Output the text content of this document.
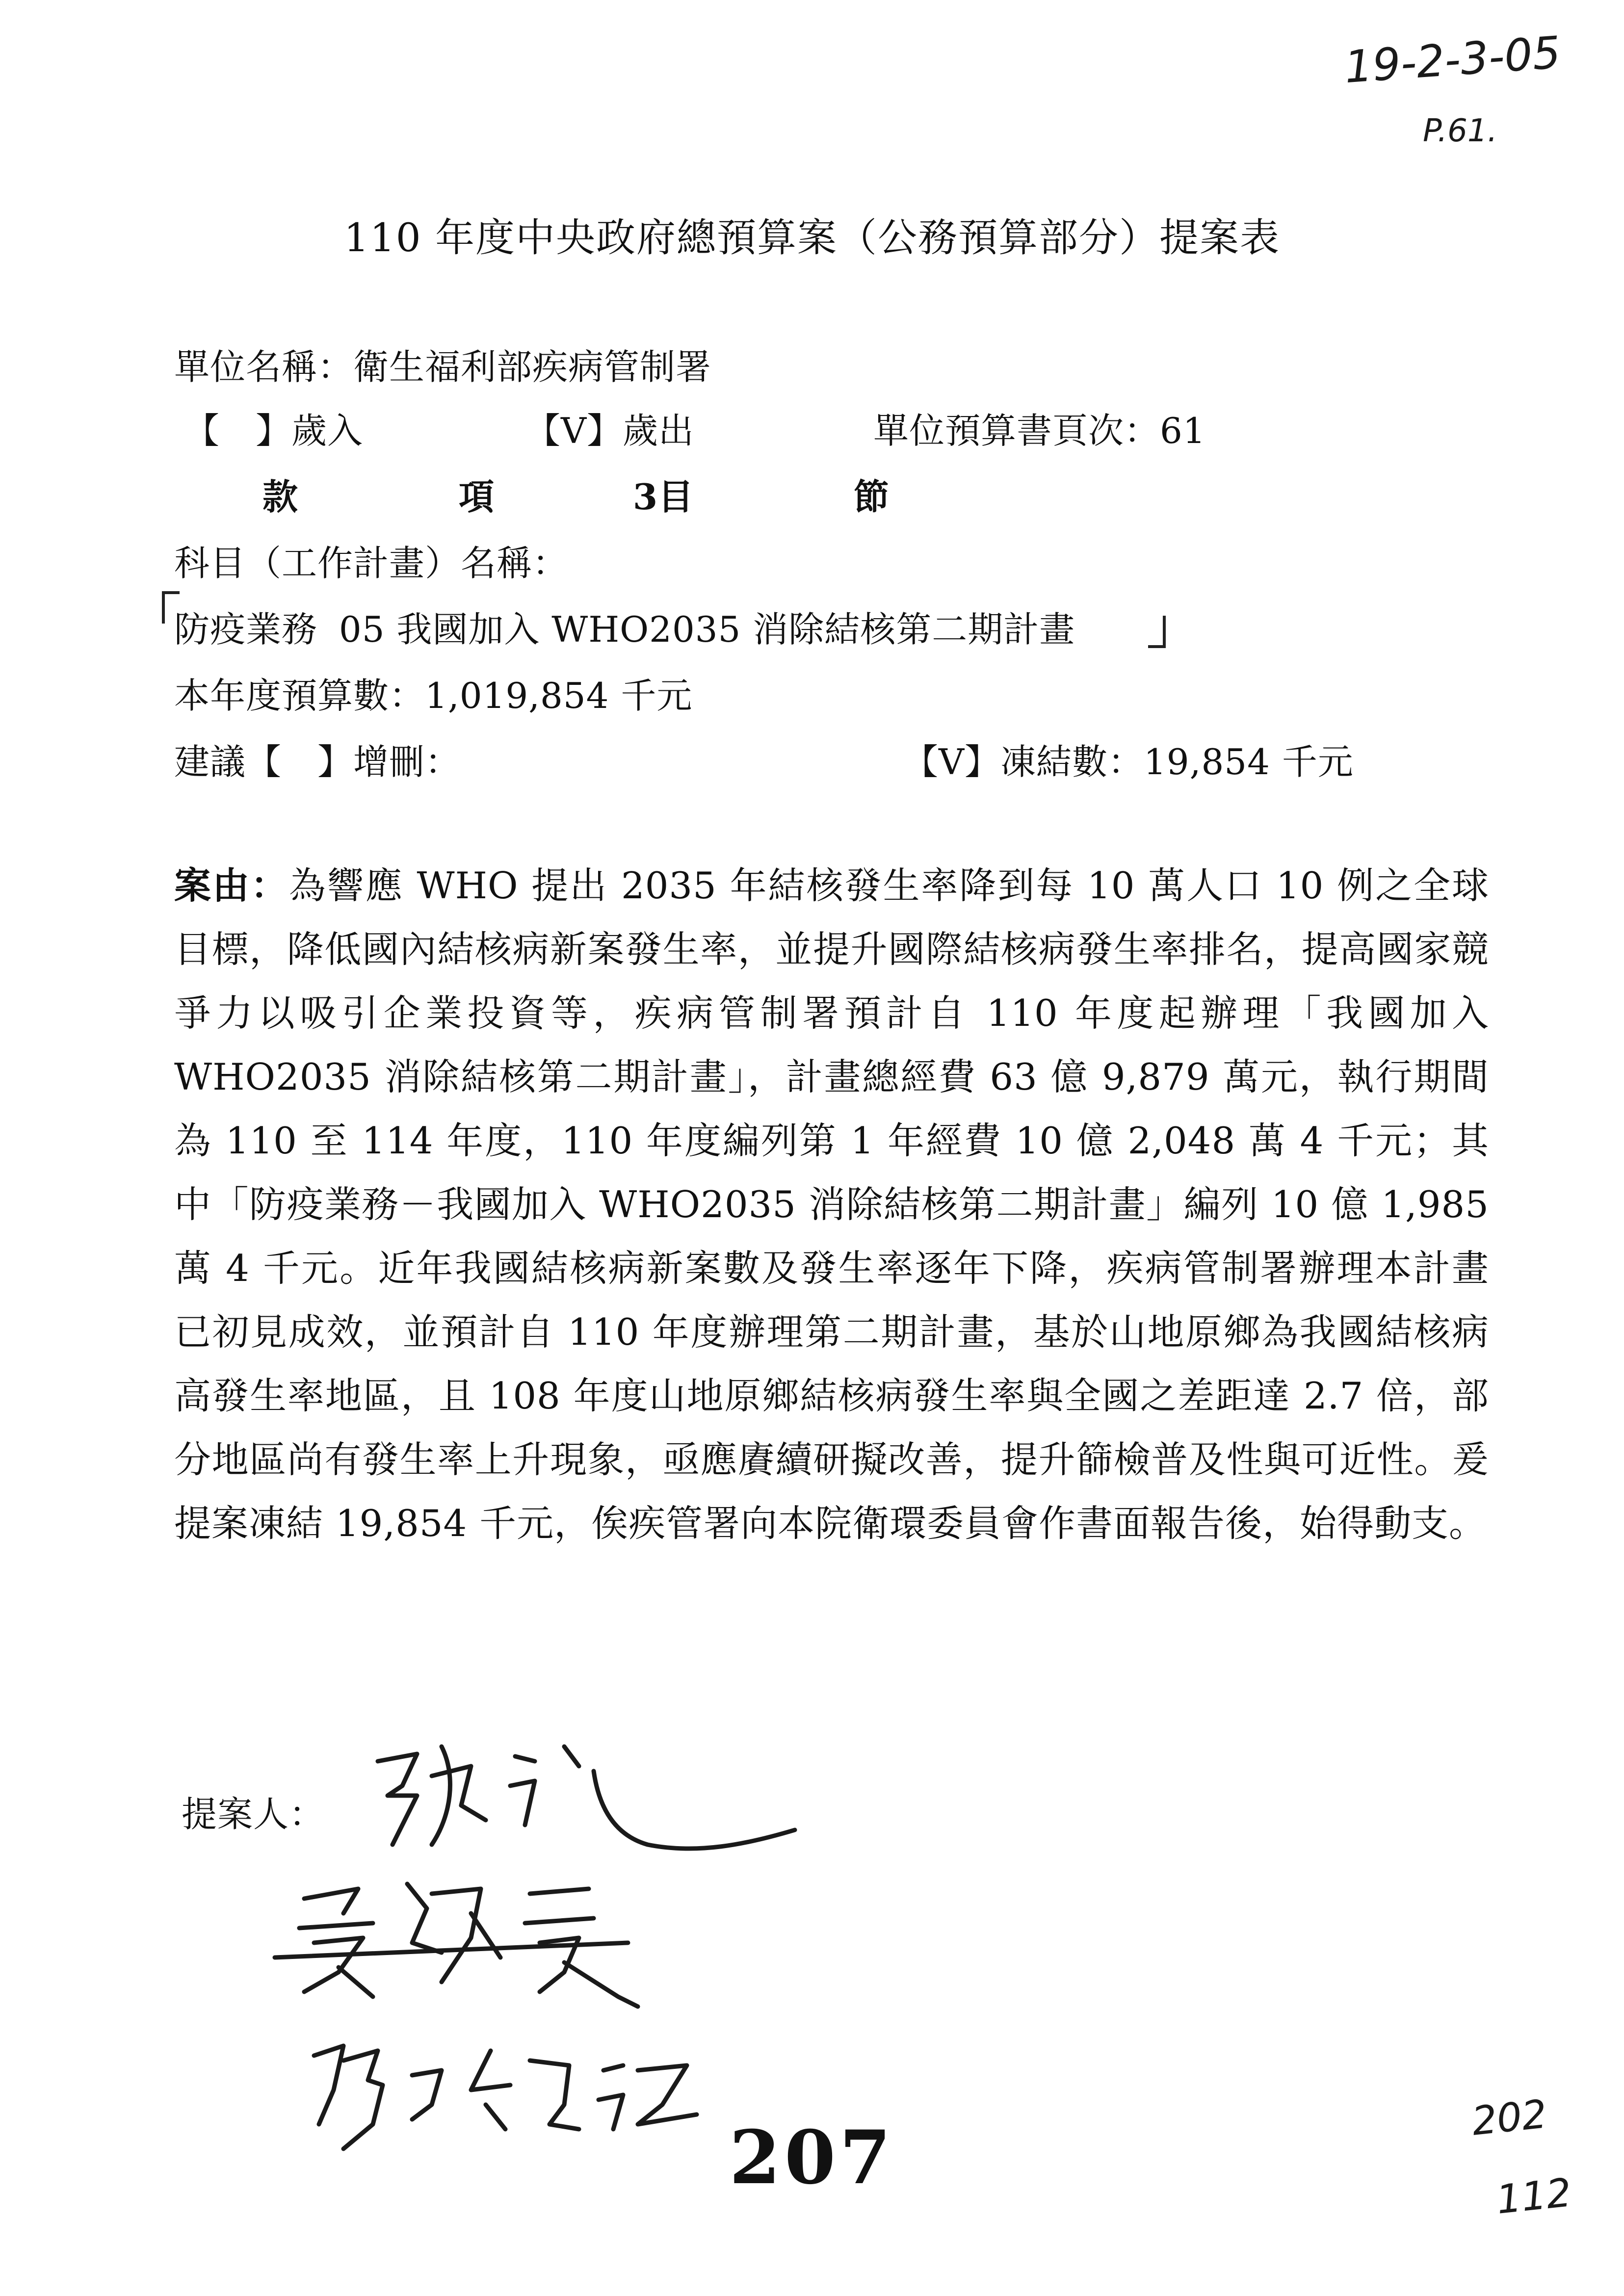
19-2-3-05
P.61.
110 年度中央政府總預算案（公務預算部分）提案表
單位名稱：衛生福利部疾病管制署
【　】歲入	【V】歲出	單位預算書頁次：61
款	項	3目	節
科目（工作計畫）名稱：
防疫業務 05 我國加入 WHO2035 消除結核第二期計畫
本年度預算數：1,019,854 千元
建議【　】增刪：	【V】凍結數：19,854 千元
案由：為響應 WHO 提出 2035 年結核發生率降到每 10 萬人口 10 例之全球目標，降低國內結核病新案發生率，並提升國際結核病發生率排名，提高國家競爭力以吸引企業投資等，疾病管制署預計自 110 年度起辦理「我國加入 WHO2035 消除結核第二期計畫」，計畫總經費 63 億 9,879 萬元，執行期間為 110 至 114 年度，110 年度編列第 1 年經費 10 億 2,048 萬 4 千元；其中「防疫業務－我國加入 WHO2035 消除結核第二期計畫」編列 10 億 1,985 萬 4 千元。近年我國結核病新案數及發生率逐年下降，疾病管制署辦理本計畫已初見成效，並預計自 110 年度辦理第二期計畫，基於山地原鄉為我國結核病高發生率地區，且 108 年度山地原鄉結核病發生率與全國之差距達 2.7 倍，部分地區尚有發生率上升現象，亟應賡續研擬改善，提升篩檢普及性與可近性。爰提案凍結 19,854 千元，俟疾管署向本院衛環委員會作書面報告後，始得動支。
提案人：
207	202
112
